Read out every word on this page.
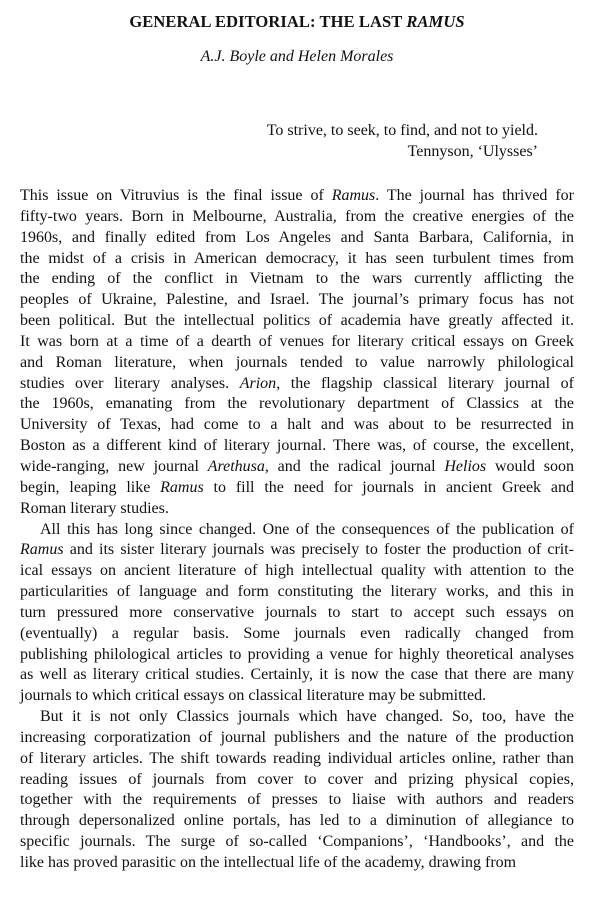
GENERAL EDITORIAL: THE LAST RAMUS
A.J. Boyle and Helen Morales
To strive, to seek, to find, and not to yield.
Tennyson, ‘Ulysses’
This issue on Vitruvius is the final issue of Ramus. The journal has thrived for
fifty-two years. Born in Melbourne, Australia, from the creative energies of the
1960s, and finally edited from Los Angeles and Santa Barbara, California, in
the midst of a crisis in American democracy, it has seen turbulent times from
the ending of the conflict in Vietnam to the wars currently afflicting the
peoples of Ukraine, Palestine, and Israel. The journal’s primary focus has not
been political. But the intellectual politics of academia have greatly affected it.
It was born at a time of a dearth of venues for literary critical essays on Greek
and Roman literature, when journals tended to value narrowly philological
studies over literary analyses. Arion, the flagship classical literary journal of
the 1960s, emanating from the revolutionary department of Classics at the
University of Texas, had come to a halt and was about to be resurrected in
Boston as a different kind of literary journal. There was, of course, the excellent,
wide-ranging, new journal Arethusa, and the radical journal Helios would soon
begin, leaping like Ramus to fill the need for journals in ancient Greek and
Roman literary studies.
All this has long since changed. One of the consequences of the publication of
Ramus and its sister literary journals was precisely to foster the production of crit-
ical essays on ancient literature of high intellectual quality with attention to the
particularities of language and form constituting the literary works, and this in
turn pressured more conservative journals to start to accept such essays on
(eventually) a regular basis. Some journals even radically changed from
publishing philological articles to providing a venue for highly theoretical analyses
as well as literary critical studies. Certainly, it is now the case that there are many
journals to which critical essays on classical literature may be submitted.
But it is not only Classics journals which have changed. So, too, have the
increasing corporatization of journal publishers and the nature of the production
of literary articles. The shift towards reading individual articles online, rather than
reading issues of journals from cover to cover and prizing physical copies,
together with the requirements of presses to liaise with authors and readers
through depersonalized online portals, has led to a diminution of allegiance to
specific journals. The surge of so-called ‘Companions’, ‘Handbooks’, and the
like has proved parasitic on the intellectual life of the academy, drawing from
